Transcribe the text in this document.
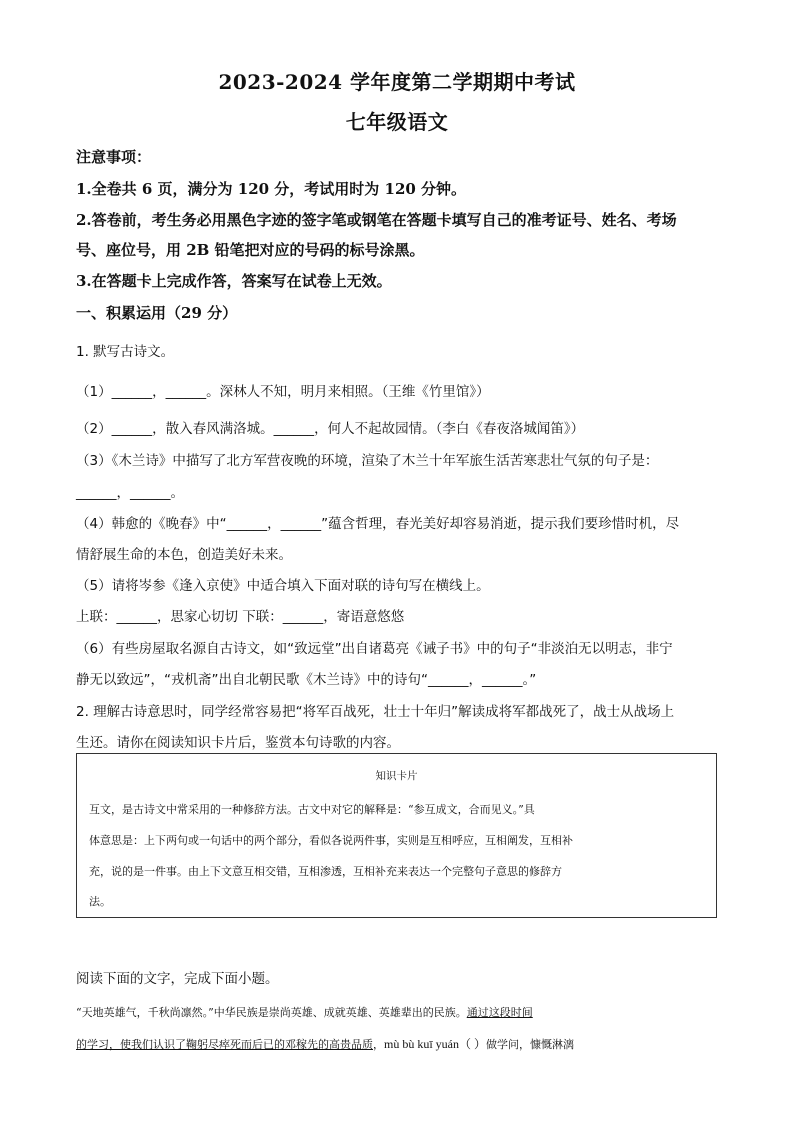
2023-2024 学年度第二学期期中考试
七年级语文
注意事项：
1.全卷共 6 页，满分为 120 分，考试用时为 120 分钟。
2.答卷前，考生务必用黑色字迹的签字笔或钢笔在答题卡填写自己的准考证号、姓名、考场
号、座位号，用 2B 铅笔把对应的号码的标号涂黑。
3.在答题卡上完成作答，答案写在试卷上无效。
一、积累运用（29 分）
1. 默写古诗文。
（1）______，______。深林人不知，明月来相照。（王维《竹里馆》）
（2）______，散入春风满洛城。______，何人不起故园情。（李白《春夜洛城闻笛》）
（3）《木兰诗》中描写了北方军营夜晚的环境，渲染了木兰十年军旅生活苦寒悲壮气氛的句子是：
______，______。
（4）韩愈的《晚春》中“______，______”蕴含哲理，春光美好却容易消逝，提示我们要珍惜时机，尽
情舒展生命的本色，创造美好未来。
（5）请将岑参《逢入京使》中适合填入下面对联的诗句写在横线上。
上联：______，思家心切切 下联：______，寄语意悠悠
（6）有些房屋取名源自古诗文，如“致远堂”出自诸葛亮《诫子书》中的句子“非淡泊无以明志，非宁
静无以致远”，“戎机斋”出自北朝民歌《木兰诗》中的诗句“______，______。”
2. 理解古诗意思时，同学经常容易把“将军百战死，壮士十年归”解读成将军都战死了，战士从战场上
生还。请你在阅读知识卡片后，鉴赏本句诗歌的内容。
知识卡片
互文，是古诗文中常采用的一种修辞方法。古文中对它的解释是：“参互成文，合而见义。”具
体意思是：上下两句或一句话中的两个部分，看似各说两件事，实则是互相呼应，互相阐发，互相补
充，说的是一件事。由上下文意互相交错，互相渗透，互相补充来表达一个完整句子意思的修辞方
法。
阅读下面的文字，完成下面小题。
“天地英雄气，千秋尚凛然。”中华民族是崇尚英雄、成就英雄、英雄辈出的民族。通过这段时间
的学习，使我们认识了鞠躬尽瘁死而后已的邓稼先的高贵品质，mù bù kuī yuán（ ）做学问，慷慨淋漓
